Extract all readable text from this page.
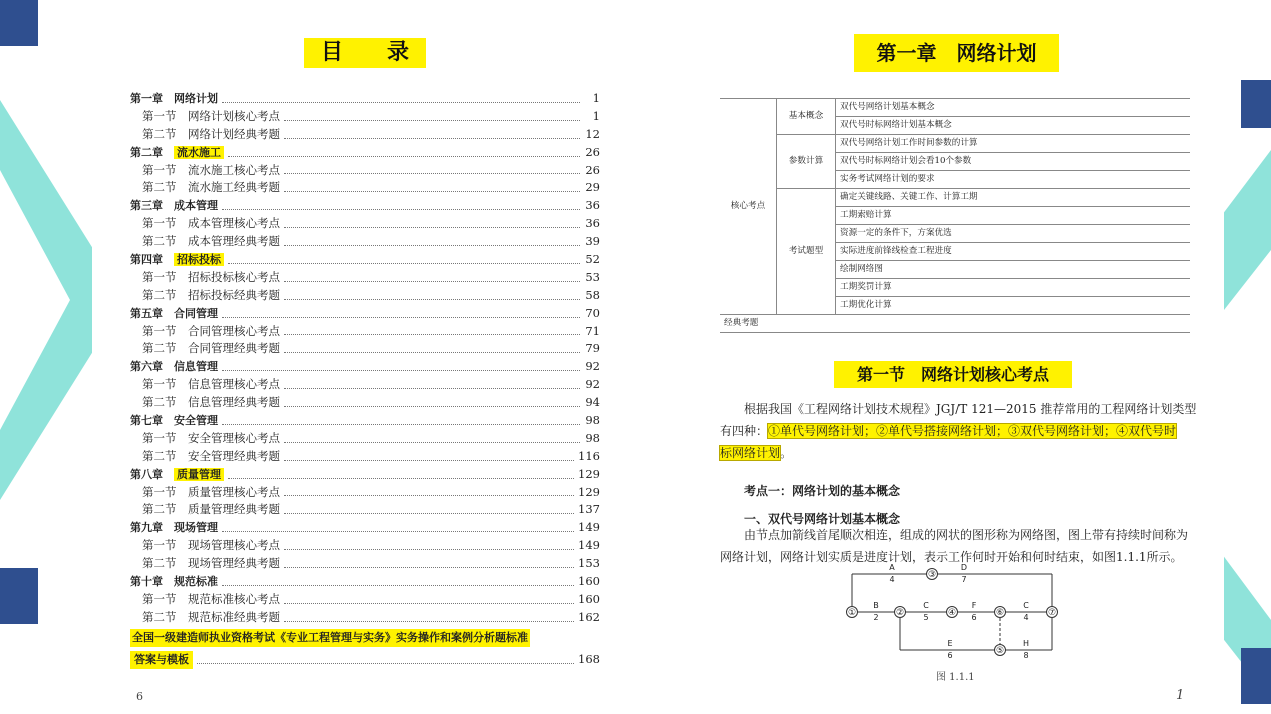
目　　录
第一章　网络计划	1
第一节　网络计划核心考点	1
第二节　网络计划经典考题	12
第二章　 流水施工	26
第一节　流水施工核心考点	26
第二节　流水施工经典考题	29
第三章　成本管理	36
第一节　成本管理核心考点	36
第二节　成本管理经典考题	39
第四章　 招标投标	52
第一节　招标投标核心考点	53
第二节　招标投标经典考题	58
第五章　合同管理	70
第一节　合同管理核心考点	71
第二节　合同管理经典考题	79
第六章　信息管理	92
第一节　信息管理核心考点	92
第二节　信息管理经典考题	94
第七章　安全管理	98
第一节　安全管理核心考点	98
第二节　安全管理经典考题	116
第八章　 质量管理	129
第一节　质量管理核心考点	129
第二节　质量管理经典考题	137
第九章　现场管理	149
第一节　现场管理核心考点	149
第二节　现场管理经典考题	153
第十章　规范标准	160
第一节　规范标准核心考点	160
第二节　规范标准经典考题	162
全国一级建造师执业资格考试《专业工程管理与实务》实务操作和案例分析题标准
答案与模板	168
6
第一章　网络计划
核心考点	基本概念	双代号网络计划基本概念
		双代号时标网络计划基本概念
	参数计算	双代号网络计划工作时间参数的计算
		双代号时标网络计划会看10个参数
		实务考试网络计划的要求
	考试题型	确定关键线路、关键工作、计算工期
		工期索赔计算
		资源一定的条件下，方案优选
		实际进度前锋线检查工程进度
		绘制网络图
		工期奖罚计算
		工期优化计算
经典考题		
第一节　网络计划核心考点
根据我国《工程网络计划技术规程》JGJ/T 121—2015 推荐常用的工程网络计划类型
有四种：①单代号网络计划；②单代号搭接网络计划；③双代号网络计划；④双代号时
标网络计划。
考点一：网络计划的基本概念
一、双代号网络计划基本概念
由节点加箭线首尾顺次相连，组成的网状的图形称为网络图，图上带有持续时间称为
网络计划，网络计划实质是进度计划，表示工作何时开始和何时结束，如图1.1.1所示。
A
4
D
7
B
2
C
5
F
6
C
4
E
6
H
8
①	②
③
④	⑥
⑤
⑦
图 1.1.1
1
